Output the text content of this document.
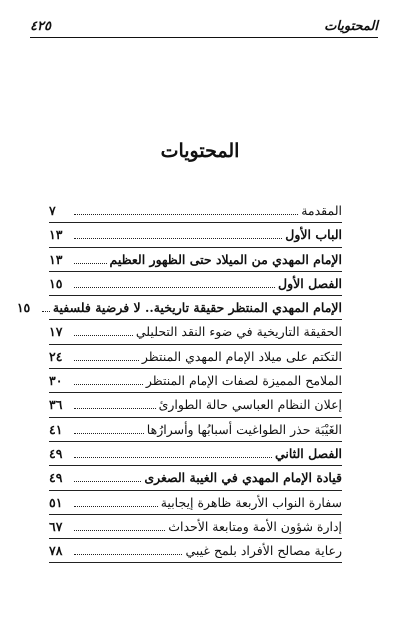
المحتويات
٤٢٥
المحتويات
المقدمة
٧
الباب الأول
١٣
الإمام المهدي من الميلاد حتى الظهور العظيم
١٣
الفصل الأول
١٥
الإمام المهدي المنتظر حقيقة تاريخية.. لا فرضية فلسفية
١٥
الحقيقة التاريخية في ضوء النقد التحليلي
١٧
التكتم على ميلاد الإمام المهدي المنتظر
٢٤
الملامح المميزة لصفات الإمام المنتظر
٣٠
إعلان النظام العباسي حالة الطوارئ
٣٦
الغَيْبَة حذر الطواغيت أسبابُها وأسرارُها
٤١
الفصل الثاني
٤٩
قيادة الإمام المهدي في الغيبة الصغرى
٤٩
سفارة النواب الأربعة ظاهرة إيجابية
٥١
إدارة شؤون الأمة ومتابعة الأحداث
٦٧
رعاية مصالح الأفراد بلمح غيبي
٧٨
